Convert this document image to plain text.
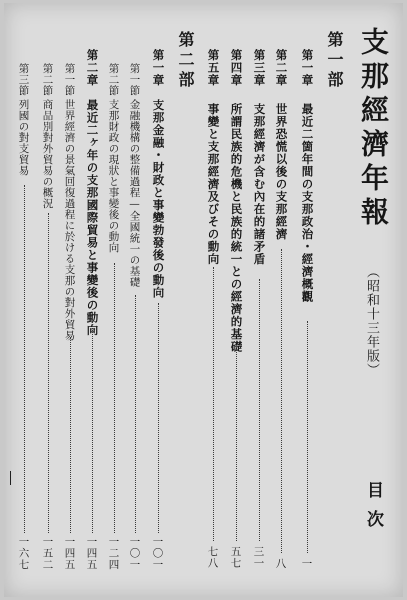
支那經濟年報
（昭和十三年版）
目次
第一部
第一章
最近二箇年間の支那政治・經濟概觀
一
第二章
世界恐慌以後の支那經濟
八
第三章
支那經濟が含む內在的諸矛盾
三一
第四章
所謂民族的危機と民族的統一との經濟的基礎
五七
第五章
事變と支那經濟及びその動向
七八
第二部
第一章
支那金融・財政と事變勃發後の動向
一〇一
第一節
金融機構の整備過程—全國統一の基礎
一〇一
第二節
支那財政の現狀と事變後の動向
一二四
第二章
最近二ヶ年の支那國際貿易と事變後の動向
一四五
第一節
世界經濟の景氣回復過程に於ける支那の對外貿易
一四五
第二節
商品別對外貿易の概況
一五二
第三節
列國の對支貿易
一六七
